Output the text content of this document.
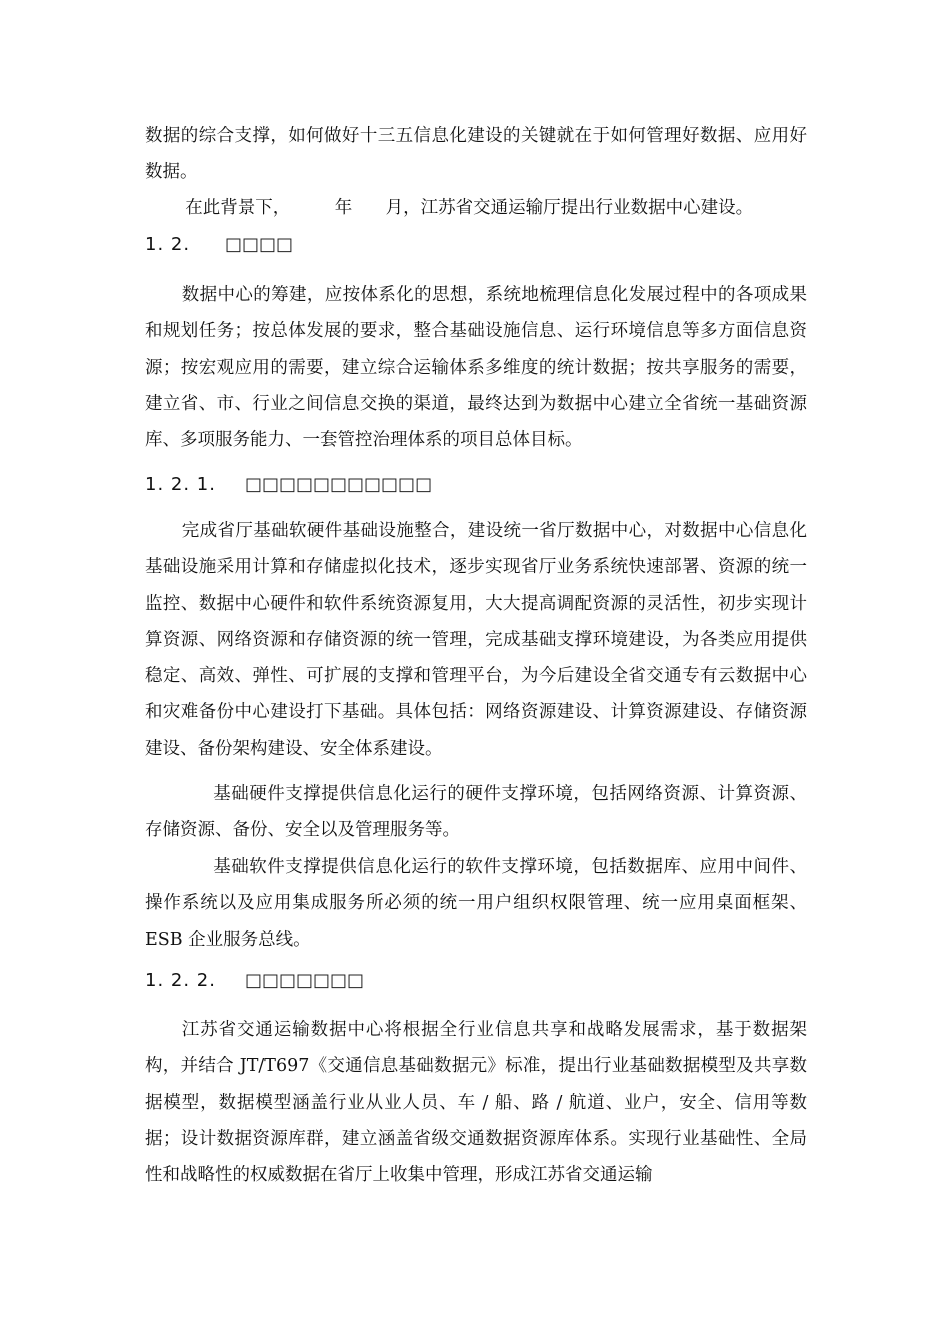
数据的综合支撑，如何做好十三五信息化建设的关键就在于如何管理好数据、应用好数据。

在此背景下，        年      月，江苏省交通运输厅提出行业数据中心建设。

1. 2. □□□□

数据中心的筹建，应按体系化的思想，系统地梳理信息化发展过程中的各项成果和规划任务；按总体发展的要求，整合基础设施信息、运行环境信息等多方面信息资源；按宏观应用的需要，建立综合运输体系多维度的统计数据；按共享服务的需要，建立省、市、行业之间信息交换的渠道，最终达到为数据中心建立全省统一基础资源库、多项服务能力、一套管控治理体系的项目总体目标。

1. 2. 1. □□□□□□□□□□□

完成省厅基础软硬件基础设施整合，建设统一省厅数据中心，对数据中心信息化基础设施采用计算和存储虚拟化技术，逐步实现省厅业务系统快速部署、资源的统一监控、数据中心硬件和软件系统资源复用，大大提高调配资源的灵活性，初步实现计算资源、网络资源和存储资源的统一管理，完成基础支撑环境建设，为各类应用提供稳定、高效、弹性、可扩展的支撑和管理平台，为今后建设全省交通专有云数据中心和灾难备份中心建设打下基础。具体包括：网络资源建设、计算资源建设、存储资源建设、备份架构建设、安全体系建设。

基础硬件支撑提供信息化运行的硬件支撑环境，包括网络资源、计算资源、存储资源、备份、安全以及管理服务等。

基础软件支撑提供信息化运行的软件支撑环境，包括数据库、应用中间件、操作系统以及应用集成服务所必须的统一用户组织权限管理、统一应用桌面框架、ESB 企业服务总线。

1. 2. 2. □□□□□□□

江苏省交通运输数据中心将根据全行业信息共享和战略发展需求，基于数据架构，并结合 JT/T697《交通信息基础数据元》标准，提出行业基础数据模型及共享数据模型，数据模型涵盖行业从业人员、车 / 船、路 / 航道、业户，安全、信用等数据；设计数据资源库群，建立涵盖省级交通数据资源库体系。实现行业基础性、全局性和战略性的权威数据在省厅上收集中管理，形成江苏省交通运输
